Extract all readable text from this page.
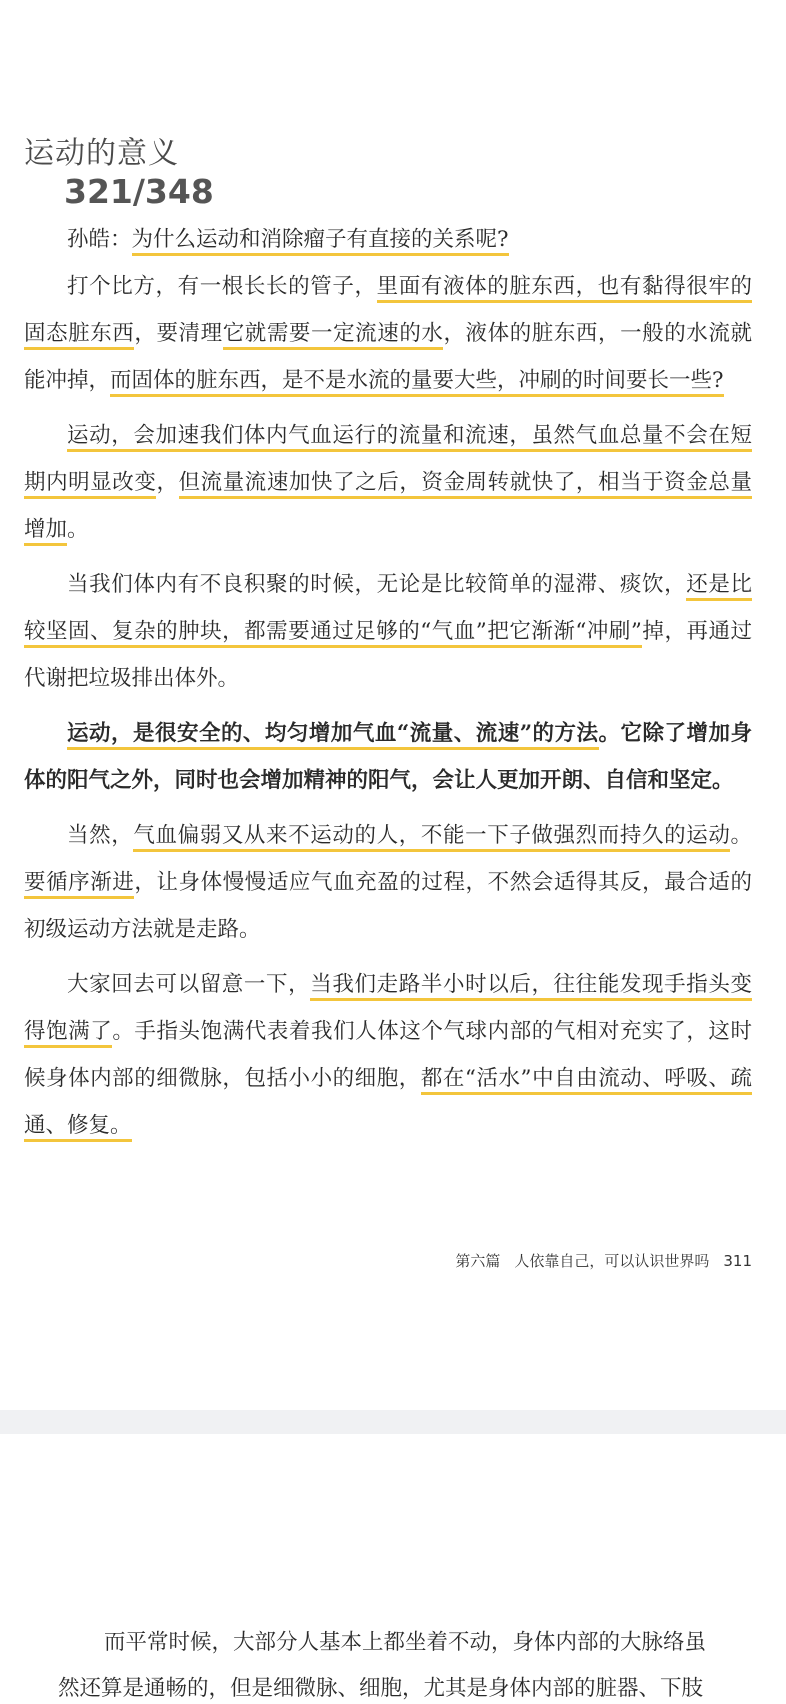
运动的意义
321/348

孙皓：为什么运动和消除瘤子有直接的关系呢?

打个比方，有一根长长的管子，里面有液体的脏东西，也有黏得很牢的固态脏东西，要清理它就需要一定流速的水，液体的脏东西，一般的水流就能冲掉，而固体的脏东西，是不是水流的量要大些，冲刷的时间要长一些?

运动，会加速我们体内气血运行的流量和流速，虽然气血总量不会在短期内明显改变，但流量流速加快了之后，资金周转就快了，相当于资金总量增加。

当我们体内有不良积聚的时候，无论是比较简单的湿滞、痰饮，还是比较坚固、复杂的肿块，都需要通过足够的“气血”把它渐渐“冲刷”掉，再通过代谢把垃圾排出体外。

运动，是很安全的、均匀增加气血“流量、流速”的方法。它除了增加身体的阳气之外，同时也会增加精神的阳气，会让人更加开朗、自信和坚定。

当然，气血偏弱又从来不运动的人，不能一下子做强烈而持久的运动。要循序渐进，让身体慢慢适应气血充盈的过程，不然会适得其反，最合适的初级运动方法就是走路。

大家回去可以留意一下，当我们走路半小时以后，往往能发现手指头变得饱满了。手指头饱满代表着我们人体这个气球内部的气相对充实了，这时候身体内部的细微脉，包括小小的细胞，都在“活水”中自由流动、呼吸、疏通、修复。

第六篇 人依靠自己，可以认识世界吗 311
而平常时候，大部分人基本上都坐着不动，身体内部的大脉络虽
然还算是通畅的，但是细微脉、细胞，尤其是身体内部的脏器、下肢
